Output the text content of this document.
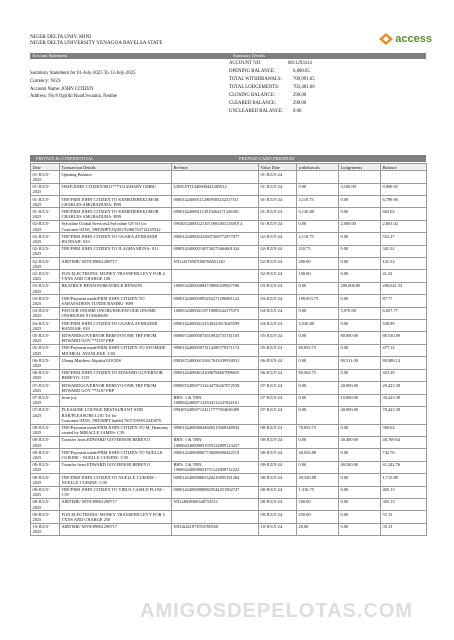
NIGER DELTA UNIV. MINI
NIGER DELTA UNIVERSITY YENAGOA BAYELSA STATE	access
Account Statement	Summary Details
Summary Statement for 01-July-2025 To 12-July-2025
Currency: NGN
Account Name: JOHN CITIZEN
Address: No 8 Ogiriki Road Iwoama, Nembe
ACCOUNT NO:	0811293314
OPENING BALANCE:	6,800.65
TOTAL WITHDRAWALS: 709,991.65
TOTAL LODGEMENTS:	703,481.00
CLOSING BALANCE:	290.00
CLEARED BALANCE:	290.00
UNCLEARED BALANCE: 0.00
PRIVATE & CONFIDENTIAL	PREPAID CARD PREMIUM
Date	Transaction Details	Refence	Value Date	withdrawals	Lodgements	Balance
01-JULY-2025	Opening Balance		01-JULY-24			
01-JULY-2025	TRSF/JOHN CITIZEN/0811***3314/MARY OMBU	USDLFTI1440000423385912	01-JULY-24	0.00	3,100.00	9,900.65
01-JULY-2025	TRF/FRM JOHN CITIZEN TO KEMEDEREKUMOR CHARLES AMGBADUBA- B99	000014240001112809585252317511	01-JULY-24	3,110.75	0.00	6,789.90
01-JULY-2025	TRF/FRM JOHN CITIZEN TO KEMEDEREKUMOR CHARLES AMGBADUBA- B99	000014240001112919262271226381	01-JULY-24	6,126.88	0.00	663.02
02-JULY-2025	Sylvaline Global Services2/Sylvaline G8 Trf for Customer/AT68_TRF2MPT25j00176386733712235532	090405240002211015905401133810 4	01-JULY-24	0.00	2,000.00	2,663.02
02-JULY-2025	TRF/FRM JOHN CITIZEN TO OGARA AYEBAEMI HANNAH- 033	000014240002225607269772977077	02-JULY-24	2,110.75	0.00	552.27
02-JULY-2025	TRF/FRM JOHN CITIZEN TO ILAGHA MUNA- 011	000014240002140736273464601324	02-JULY-24	210.75	0.00	341.52
02-JULY-2025	AIRTIME/ MTN/09061298717	NXG4276507080766651120	02-JULY-24	200.00	0.00	141.52
02-JULY-2025	FGN ELECTRONIC MONEY TRANSFER LEVY FOR 2 TXNS AND CHARGE 100		02-JULY-24	100.00	0.00	41.52
03-JULY-2025	BEATRICE BENSON/BEATRICE BENSON	100053240003084739000239847186	03-JULY-24	0.00	200,000.00	200,041.52
03-JULY-2025	TRF/Payment made/FRM JOHN CITIZEN TO SARAFADEEN TUNDE BASIRU- B99	000014240003095202271296881122	03-JULY-24	199,953.75	0.00	87.77
04-JULY-2025	FAVOUR ONOME ONORUESE/FAVOUR ONOME ONORUESE 9139040683	100053240004110718000244175375	04-JULY-24	0.00	5,970.00	6,057.77
04-JULY-2025	TRF/FRM JOHN CITIZEN TO OGARA AYEBAEMI HANNAH- 033	000014240004121549223613045599	04-JULY-24	5,526.88	0.00	530.89
05-JULY-2025	EDWARDGOVERNOR BEREYO/ONB TRF FROM EDWARD GOV **3107 FBP	000007240005072610924733741105	05-JULY-24	0.00	80,000.00	80,530.89
05-JULY-2025	TRF/Payment made/FRM JOHN CITIZEN TO AYOMIDE MICHEAL AYANLEKE- C03	000014240005073114296779371174	05-JULY-24	80,053.75	0.00	477.14
06-JULY-2025	Ubong Matthew Akpaka/GOODS	090267240006135617041039918031	06-JULY-24	0.00	80,511.00	80,988.14
06-JULY-2025	TRF/FRM JOHN CITIZEN TO EDWARD GOVERNOR BEREYO- C03	000014240006141006784667096655	06-JULY-24	80,564.75	0.00	423.39
07-JULY-2025	EDWARDGOVERNOR BEREYO/ONB TRF FROM EDWARD GOV **3107 FBP	000007240007132244756267072538	07-JULY-24	0.00	20,000.00	20,423.39
07-JULY-2025	from joy	RRN: 1 & TRN: 100004240007122934112247024161	07-JULY-24	0.00	10,000.00	30,423.39
07-JULY-2025	PLEASURE LOUNGE RESTAURANT AND BAR/PLEASURE LOU Trf for Customer/AT68_TRF2MPT1nahh176573169912345876	090405240007134117777954656389	07-JULY-24	0.00	40,000.00	70,423.39
08-JULY-2025	TRF/Payment made/FRM JOHN CITIZEN TO M_Harmony owned by MIRACLE JAMES- C39	000014240008044600215068348934	08-JULY-24	70,053.75	0.00	369.64
08-JULY-2025	Transfer from EDWARD GOVERNOR BEREYO	RRN: 1 & TRN: 100004240008051959122809123257	08-JULY-24	0.00	40,400.00	40,769.64
08-JULY-2025	TRF/Payment made/FRM JOHN CITIZEN TO NUELLE CUISINE - NUELLE CUISINE- C39	000014240008067748288690442119	08-JULY-24	40,026.88	0.00	742.76
08-JULY-2025	Transfer from EDWARD GOVERNOR BEREYO	RRN: 1 & TRN: 100004240008054751122808712222	08-JULY-24	0.00	40,500.00	41,242.76
08-JULY-2025	TRF/FRM JOHN CITIZEN TO NUELLE CUISINE - NUELLE CUISINE- C39	000014240008063320219095191304	08-JULY-24	39,526.88	0.00	1,715.88
08-JULY-2025	TRF/FRM JOHN CITIZEN TO VIRUS CASH D FLOW - C39	000014240008080825544251902747	08-JULY-24	1,310.75	0.00	405.13
08-JULY-2025	AIRTIME/ MTN/09061298717	NXG4808360340754511	08-JULY-24	100.00	0.00	305.13
09-JULY-2025	FGN ELECTRONIC MONEY TRANSFER LEVY FOR 5 TXNS AND CHARGE 250		09-JULY-24	250.00	0.00	55.13
10-JULY-2025	AIRTIME/ MTN/09061298717	NXG6241873953700920	10-JULY-24	20.00	0.00	35.13
AMIGOSDEPELOTAS.COM
